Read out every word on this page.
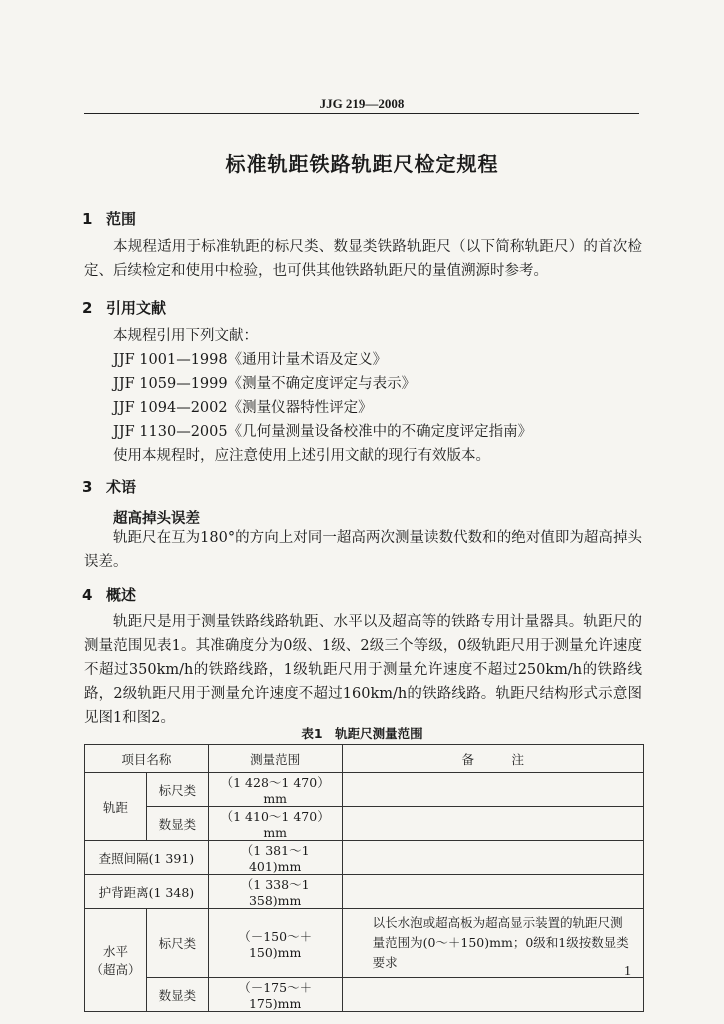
JJG 219—2008
标准轨距铁路轨距尺检定规程
1 范围
本规程适用于标准轨距的标尺类、数显类铁路轨距尺（以下简称轨距尺）的首次检定、后续检定和使用中检验，也可供其他铁路轨距尺的量值溯源时参考。
2 引用文献
本规程引用下列文献：
JJF 1001—1998《通用计量术语及定义》
JJF 1059—1999《测量不确定度评定与表示》
JJF 1094—2002《测量仪器特性评定》
JJF 1130—2005《几何量测量设备校准中的不确定度评定指南》
使用本规程时，应注意使用上述引用文献的现行有效版本。
3 术语
超高掉头误差
轨距尺在互为180°的方向上对同一超高两次测量读数代数和的绝对值即为超高掉头误差。
4 概述
轨距尺是用于测量铁路线路轨距、水平以及超高等的铁路专用计量器具。轨距尺的测量范围见表1。其准确度分为0级、1级、2级三个等级，0级轨距尺用于测量允许速度不超过350km/h的铁路线路，1级轨距尺用于测量允许速度不超过250km/h的铁路线路，2级轨距尺用于测量允许速度不超过160km/h的铁路线路。轨距尺结构形式示意图见图1和图2。
表1　轨距尺测量范围
项目名称		测量范围	备　　　注
轨距	标尺类	（1 428～1 470）mm	
	数显类	（1 410～1 470）mm	
查照间隔(1 391)		（1 381～1 401)mm	
护背距离(1 348)		（1 338～1 358)mm	

水平
（超高）	标尺类	（－150～＋150)mm	以长水泡或超高板为超高显示装置的轨距尺测量范围为(0～＋150)mm；0级和1级按数显类要求
	数显类	（－175～＋175)mm	
1
